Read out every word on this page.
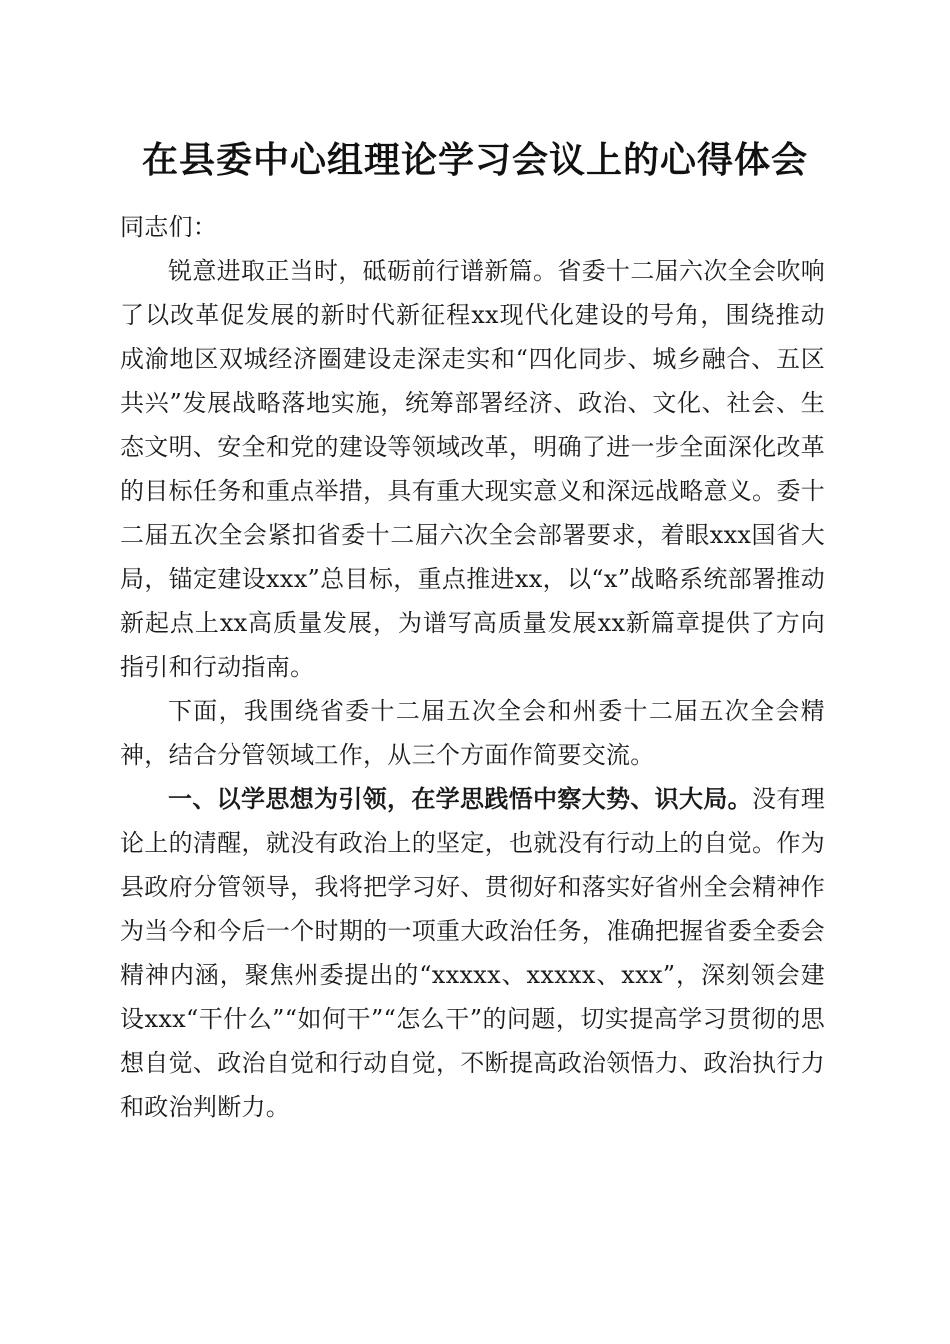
在县委中心组理论学习会议上的心得体会

同志们：

锐意进取正当时，砥砺前行谱新篇。省委十二届六次全会吹响了以改革促发展的新时代新征程xx现代化建设的号角，围绕推动成渝地区双城经济圈建设走深走实和“四化同步、城乡融合、五区共兴”发展战略落地实施，统筹部署经济、政治、文化、社会、生态文明、安全和党的建设等领域改革，明确了进一步全面深化改革的目标任务和重点举措，具有重大现实意义和深远战略意义。委十二届五次全会紧扣省委十二届六次全会部署要求，着眼xxx国省大局，锚定建设xxx”总目标，重点推进xx，以“x”战略系统部署推动新起点上xx高质量发展，为谱写高质量发展xx新篇章提供了方向指引和行动指南。

下面，我围绕省委十二届五次全会和州委十二届五次全会精神，结合分管领域工作，从三个方面作简要交流。

一、以学思想为引领，在学思践悟中察大势、识大局。没有理论上的清醒，就没有政治上的坚定，也就没有行动上的自觉。作为县政府分管领导，我将把学习好、贯彻好和落实好省州全会精神作为当今和今后一个时期的一项重大政治任务，准确把握省委全委会精神内涵，聚焦州委提出的“xxxxx、xxxxx、xxx”，深刻领会建设xxx“干什么”“如何干”“怎么干”的问题，切实提高学习贯彻的思想自觉、政治自觉和行动自觉，不断提高政治领悟力、政治执行力和政治判断力。
